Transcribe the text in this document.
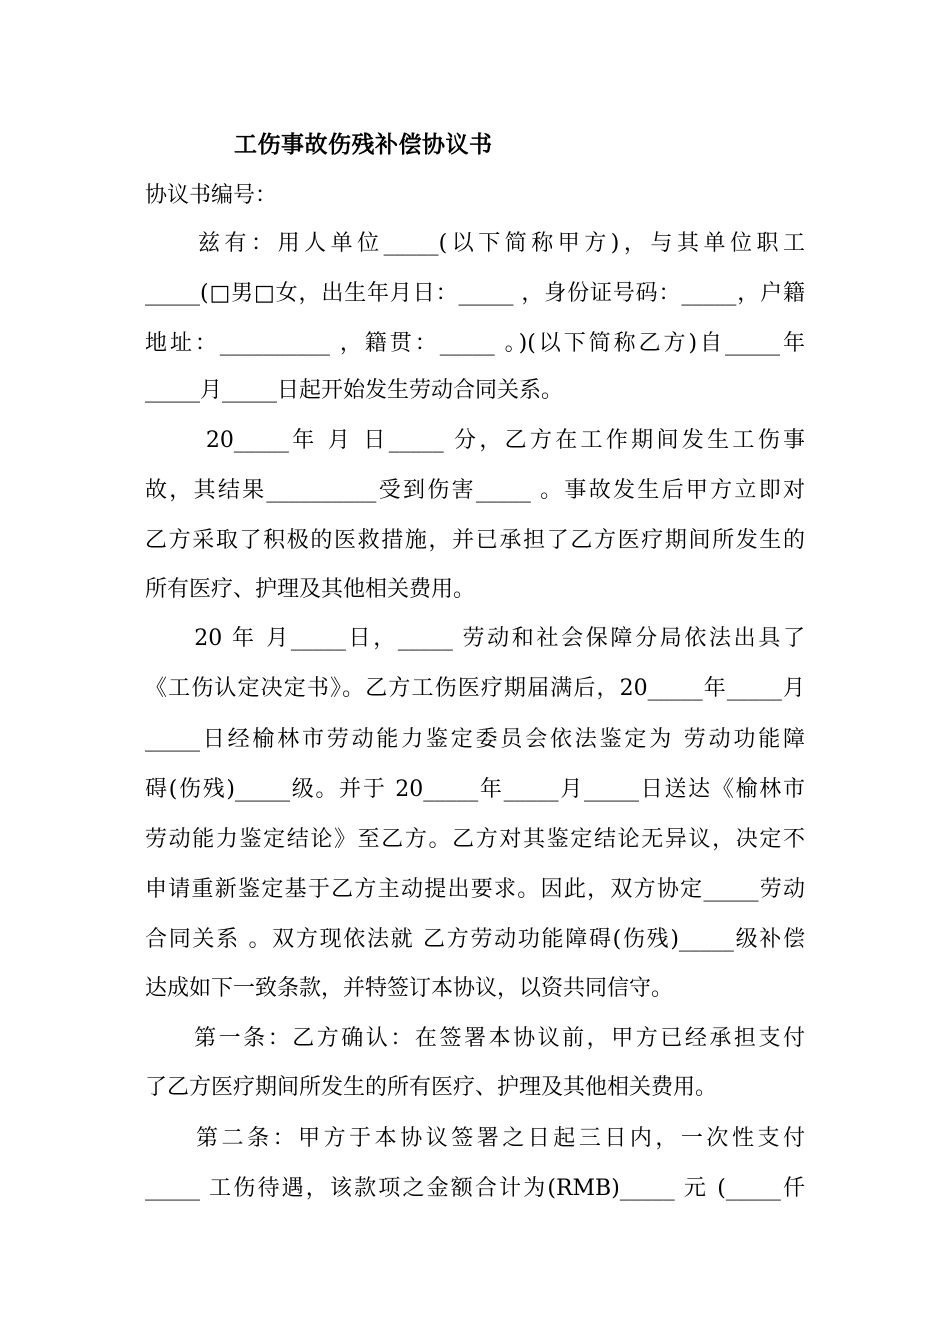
工伤事故伤残补偿协议书
协议书编号：
　　兹有：用人单位_____(以下简称甲方)，与其单位职工
_____(□男□女，出生年月日：_____ ，身份证号码：_____，户籍
地址：__________ ，籍贯：_____ 。)(以下简称乙方)自_____年
_____月_____日起开始发生劳动合同关系。
　　 20_____年 月 日_____ 分，乙方在工作期间发生工伤事
故，其结果__________受到伤害_____ 。事故发生后甲方立即对
乙方采取了积极的医救措施，并已承担了乙方医疗期间所发生的
所有医疗、护理及其他相关费用。
　　20 年 月_____日，_____ 劳动和社会保障分局依法出具了
《工伤认定决定书》。乙方工伤医疗期届满后，20_____年_____月
_____日经榆林市劳动能力鉴定委员会依法鉴定为 劳动功能障
碍(伤残)_____级。并于 20_____年_____月_____日送达《榆林市
劳动能力鉴定结论》至乙方。乙方对其鉴定结论无异议，决定不
申请重新鉴定基于乙方主动提出要求。因此，双方协定_____劳动
合同关系 。双方现依法就 乙方劳动功能障碍(伤残)_____级补偿
达成如下一致条款，并特签订本协议，以资共同信守。
　　第一条：乙方确认：在签署本协议前，甲方已经承担支付
了乙方医疗期间所发生的所有医疗、护理及其他相关费用。
　　第二条：甲方于本协议签署之日起三日内，一次性支付
_____ 工伤待遇，该款项之金额合计为(RMB)_____ 元 (_____仟
